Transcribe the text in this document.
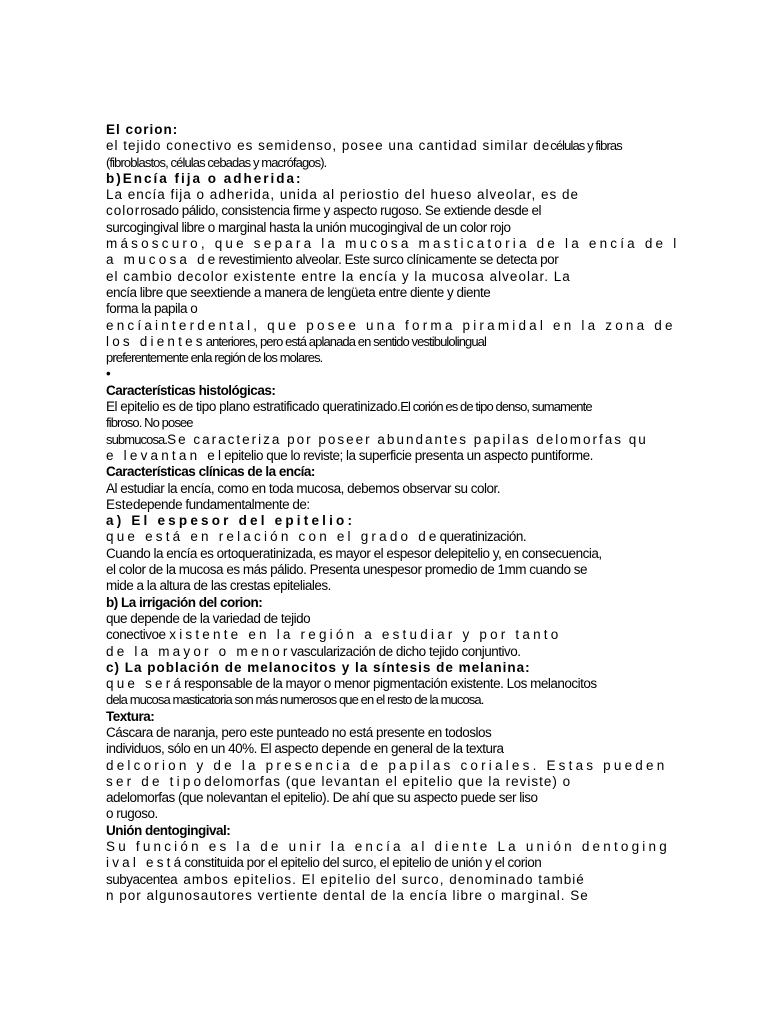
El corion:
el tejido conectivo es semidenso, posee una cantidad similar decélulas y fibras
(fibroblastos, células cebadas y macrófagos).
b)Encía fija o adherida:
La encía fija o adherida, unida al periostio del hueso alveolar, es de
colorrosado pálido, consistencia firme y aspecto rugoso. Se extiende desde el
surcogingival libre o marginal hasta la unión mucogingival de un color rojo
másoscuro, que separa la mucosa masticatoria de la encía de l
a mucosa derevestimiento alveolar. Este surco clínicamente se detecta por
el cambio decolor existente entre la encía y la mucosa alveolar. La
encía libre que seextiende a manera de lengüeta entre diente y diente
forma la papila o
encíainterdental, que posee una forma piramidal en la zona de
los dientesanteriores, pero está aplanada en sentido vestibulolingual
preferentemente enla región de los molares.
•
Características histológicas:
El epitelio es de tipo plano estratificado queratinizado.El corión es de tipo denso, sumamente
fibroso. No posee
submucosa.Se caracteriza por poseer abundantes papilas delomorfas qu
e levantan elepitelio que lo reviste; la superficie presenta un aspecto puntiforme.
Características clínicas de la encía:
Al estudiar la encía, como en toda mucosa, debemos observar su color.
Estedepende fundamentalmente de:
a) El espesor del epitelio:
que está en relación con el grado dequeratinización.
Cuando la encía es ortoqueratinizada, es mayor el espesor delepitelio y, en consecuencia,
el color de la mucosa es más pálido. Presenta unespesor promedio de 1mm cuando se
mide a la altura de las crestas epiteliales.
b) La irrigación del corion:
que depende de la variedad de tejido
conectivoexistente en la región a estudiar y por tanto
de la mayor o menorvascularización de dicho tejido conjuntivo.
c) La población de melanocitos y la síntesis de melanina:
que seráresponsable de la mayor o menor pigmentación existente. Los melanocitos
dela mucosa masticatoria son más numerosos que en el resto de la mucosa.
Textura:
Cáscara de naranja, pero este punteado no está presente en todoslos
individuos, sólo en un 40%. El aspecto depende en general de la textura
delcorion y de la presencia de papilas coriales. Estas pueden
ser de tipodelomorfas (que levantan el epitelio que la reviste) o
adelomorfas (que nolevantan el epitelio). De ahí que su aspecto puede ser liso
o rugoso.
Unión dentogingival:
Su función es la de unir la encía al diente La unión dentoging
ival estáconstituida por el epitelio del surco, el epitelio de unión y el corion
subyacentea ambos epitelios. El epitelio del surco, denominado tambié
n por algunosautores vertiente dental de la encía libre o marginal. Se
